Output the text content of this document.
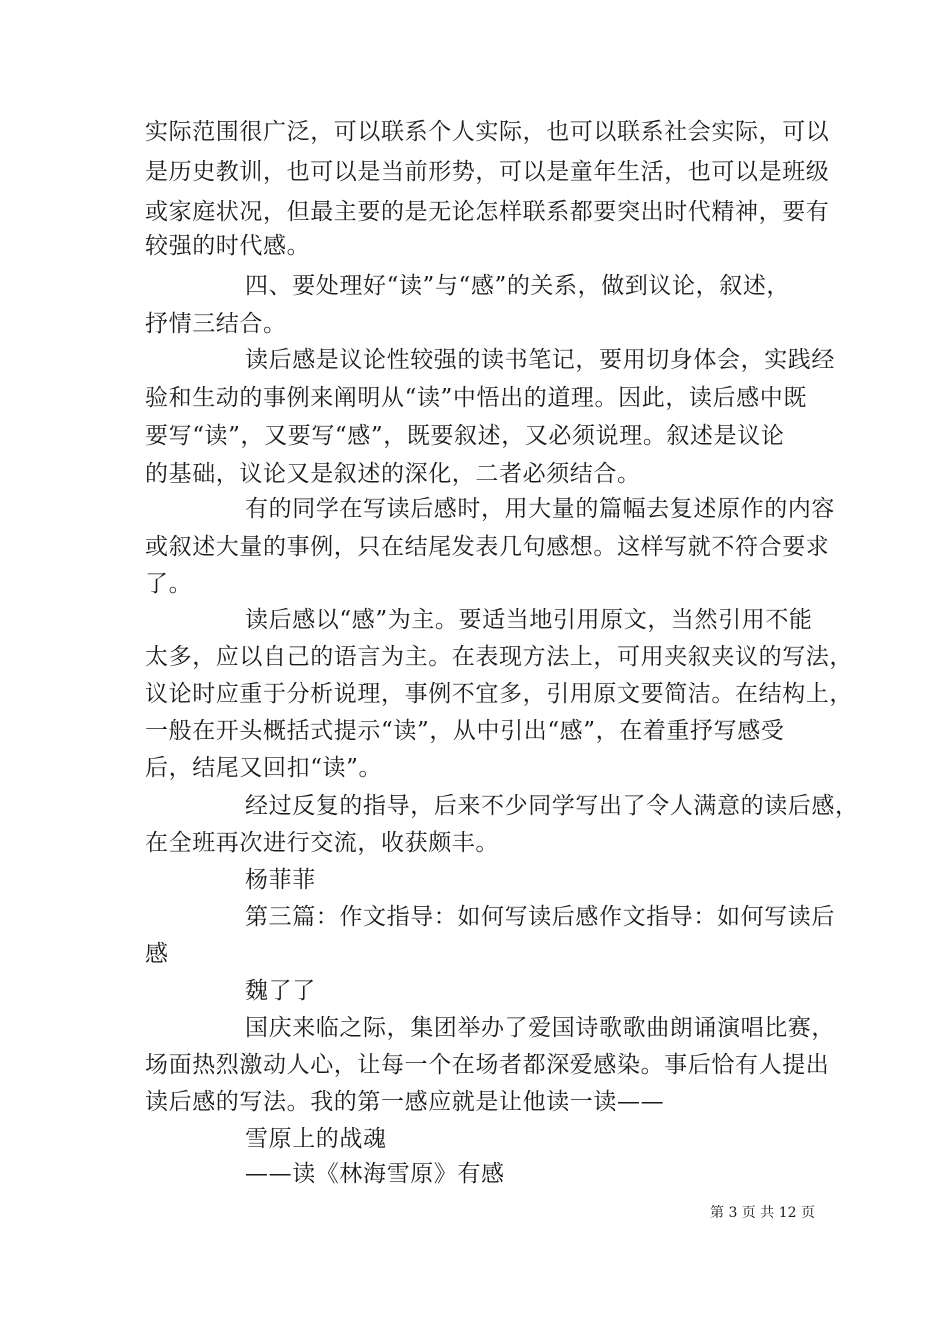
实际范围很广泛，可以联系个人实际，也可以联系社会实际，可以
是历史教训，也可以是当前形势，可以是童年生活，也可以是班级
或家庭状况，但最主要的是无论怎样联系都要突出时代精神，要有
较强的时代感。
四、要处理好“读”与“感”的关系，做到议论，叙述，
抒情三结合。
读后感是议论性较强的读书笔记，要用切身体会，实践经
验和生动的事例来阐明从“读”中悟出的道理。因此，读后感中既
要写“读”，又要写“感”，既要叙述，又必须说理。叙述是议论
的基础，议论又是叙述的深化，二者必须结合。
有的同学在写读后感时，用大量的篇幅去复述原作的内容
或叙述大量的事例，只在结尾发表几句感想。这样写就不符合要求
了。
读后感以“感”为主。要适当地引用原文，当然引用不能
太多，应以自己的语言为主。在表现方法上，可用夹叙夹议的写法，
议论时应重于分析说理，事例不宜多，引用原文要简洁。在结构上，
一般在开头概括式提示“读”，从中引出“感”，在着重抒写感受
后，结尾又回扣“读”。
经过反复的指导，后来不少同学写出了令人满意的读后感，
在全班再次进行交流，收获颇丰。
杨菲菲
第三篇：作文指导：如何写读后感作文指导：如何写读后
感
魏了了
国庆来临之际，集团举办了爱国诗歌歌曲朗诵演唱比赛，
场面热烈激动人心，让每一个在场者都深爱感染。事后恰有人提出
读后感的写法。我的第一感应就是让他读一读——
雪原上的战魂
——读《林海雪原》有感
第 3 页 共 12 页
